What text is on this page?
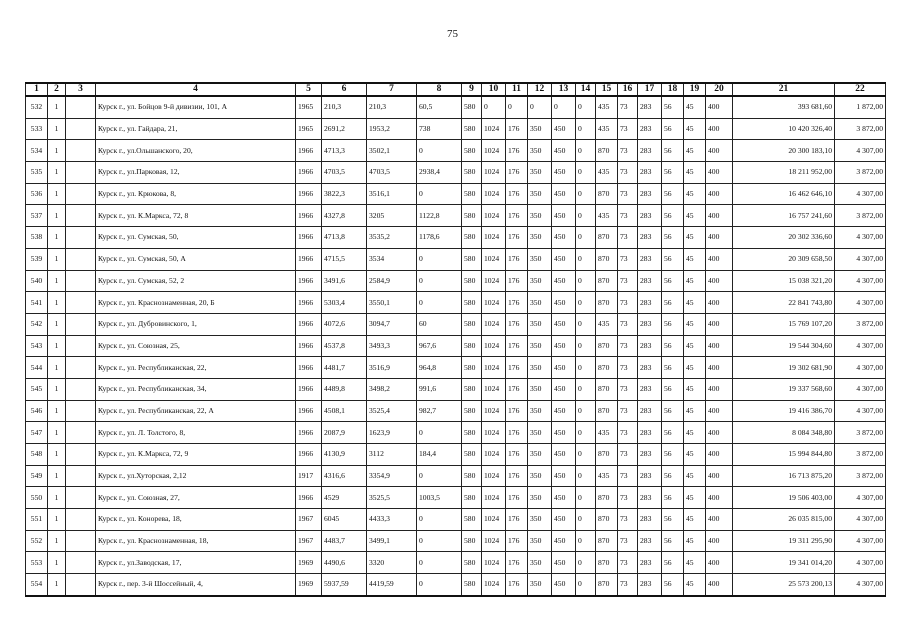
75
1	2	3	4	5	6	7	8	9	10	11	12	13	14	15	16	17	18	19	20	21	22
532	1		Курск г., ул. Бойцов 9-й дивизии, 101, А	1965	210,3	210,3	60,5	580	0	0	0	0	0	435	73	283	56	45	400	393 681,60	1 872,00
533	1		Курск г., ул. Гайдара, 21,	1965	2691,2	1953,2	738	580	1024	176	350	450	0	435	73	283	56	45	400	10 420 326,40	3 872,00
534	1		Курск г., ул.Ольшанского, 20,	1966	4713,3	3502,1	0	580	1024	176	350	450	0	870	73	283	56	45	400	20 300 183,10	4 307,00
535	1		Курск г., ул.Парковая, 12,	1966	4703,5	4703,5	2938,4	580	1024	176	350	450	0	435	73	283	56	45	400	18 211 952,00	3 872,00
536	1		Курск г., ул. Крюкова, 8,	1966	3822,3	3516,1	0	580	1024	176	350	450	0	870	73	283	56	45	400	16 462 646,10	4 307,00
537	1		Курск г., ул. К.Маркса, 72, 8	1966	4327,8	3205	1122,8	580	1024	176	350	450	0	435	73	283	56	45	400	16 757 241,60	3 872,00
538	1		Курск г., ул. Сумская, 50,	1966	4713,8	3535,2	1178,6	580	1024	176	350	450	0	870	73	283	56	45	400	20 302 336,60	4 307,00
539	1		Курск г., ул. Сумская, 50, А	1966	4715,5	3534	0	580	1024	176	350	450	0	870	73	283	56	45	400	20 309 658,50	4 307,00
540	1		Курск г., ул. Сумская, 52, 2	1966	3491,6	2584,9	0	580	1024	176	350	450	0	870	73	283	56	45	400	15 038 321,20	4 307,00
541	1		Курск г., ул. Краснознаменная, 20, Б	1966	5303,4	3550,1	0	580	1024	176	350	450	0	870	73	283	56	45	400	22 841 743,80	4 307,00
542	1		Курск г., ул. Дубровинского, 1,	1966	4072,6	3094,7	60	580	1024	176	350	450	0	435	73	283	56	45	400	15 769 107,20	3 872,00
543	1		Курск г., ул. Союзная, 25,	1966	4537,8	3493,3	967,6	580	1024	176	350	450	0	870	73	283	56	45	400	19 544 304,60	4 307,00
544	1		Курск г., ул. Республиканская, 22,	1966	4481,7	3516,9	964,8	580	1024	176	350	450	0	870	73	283	56	45	400	19 302 681,90	4 307,00
545	1		Курск г., ул. Республиканская, 34,	1966	4489,8	3498,2	991,6	580	1024	176	350	450	0	870	73	283	56	45	400	19 337 568,60	4 307,00
546	1		Курск г., ул. Республиканская, 22, А	1966	4508,1	3525,4	982,7	580	1024	176	350	450	0	870	73	283	56	45	400	19 416 386,70	4 307,00
547	1		Курск г., ул. Л. Толстого, 8,	1966	2087,9	1623,9	0	580	1024	176	350	450	0	435	73	283	56	45	400	8 084 348,80	3 872,00
548	1		Курск г., ул. К.Маркса, 72, 9	1966	4130,9	3112	184,4	580	1024	176	350	450	0	870	73	283	56	45	400	15 994 844,80	3 872,00
549	1		Курск г., ул.Хуторская, 2,12	1917	4316,6	3354,9	0	580	1024	176	350	450	0	435	73	283	56	45	400	16 713 875,20	3 872,00
550	1		Курск г., ул. Союзная, 27,	1966	4529	3525,5	1003,5	580	1024	176	350	450	0	870	73	283	56	45	400	19 506 403,00	4 307,00
551	1		Курск г., ул. Конорева, 18,	1967	6045	4433,3	0	580	1024	176	350	450	0	870	73	283	56	45	400	26 035 815,00	4 307,00
552	1		Курск г., ул. Краснознаменная, 18,	1967	4483,7	3499,1	0	580	1024	176	350	450	0	870	73	283	56	45	400	19 311 295,90	4 307,00
553	1		Курск г., ул.Заводская, 17,	1969	4490,6	3320	0	580	1024	176	350	450	0	870	73	283	56	45	400	19 341 014,20	4 307,00
554	1		Курск г., пер. 3-й Шоссейный, 4,	1969	5937,59	4419,59	0	580	1024	176	350	450	0	870	73	283	56	45	400	25 573 200,13	4 307,00
